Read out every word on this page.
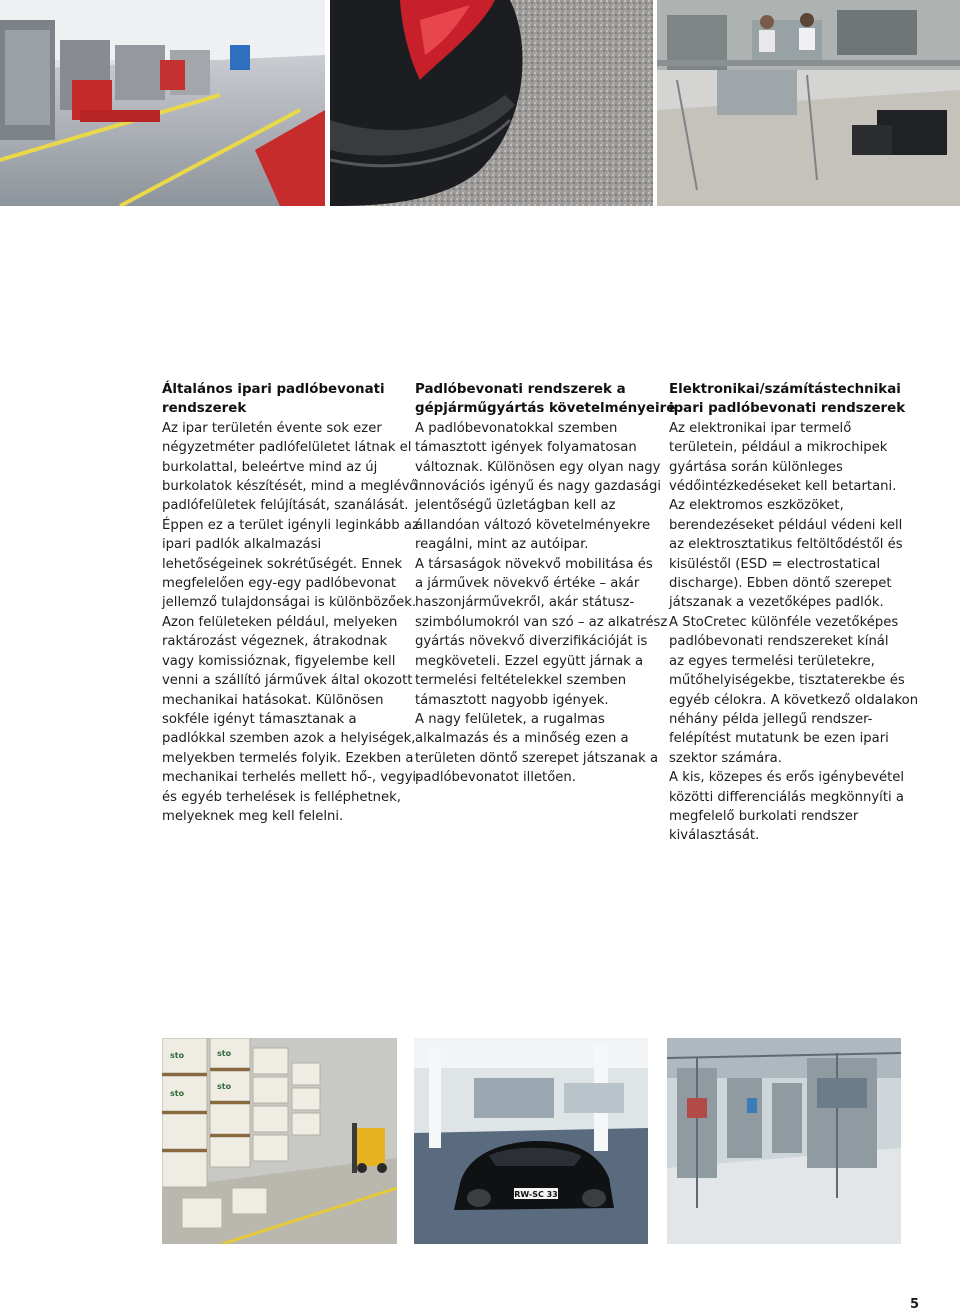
Általános ipari padlóbevonati
rendszerek

Az ipar területén évente sok ezer
négyzetméter padlófelületet látnak el
burkolattal, beleértve mind az új
burkolatok készítését, mind a meglévő
padlófelületek felújítását, szanálását.
Éppen ez a terület igényli leginkább az
ipari padlók alkalmazási
lehetőségeinek sokrétűségét. Ennek
megfelelően egy-egy padlóbevonat
jellemző tulajdonságai is különbözőek.
Azon felületeken például, melyeken
raktározást végeznek, átrakodnak
vagy komissióznak, figyelembe kell
venni a szállító járművek által okozott
mechanikai hatásokat. Különösen
sokféle igényt támasztanak a
padlókkal szemben azok a helyiségek,
melyekben termelés folyik. Ezekben a
mechanikai terhelés mellett hő-, vegyi-
és egyéb terhelések is felléphetnek,
melyeknek meg kell felelni.

Padlóbevonati rendszerek a
gépjárműgyártás követelményeire

A padlóbevonatokkal szemben
támasztott igények folyamatosan
változnak. Különösen egy olyan nagy
innovációs igényű és nagy gazdasági
jelentőségű üzletágban kell az
állandóan változó követelményekre
reagálni, mint az autóipar.
A társaságok növekvő mobilitása és
a járművek növekvő értéke – akár
haszonjárművekről, akár státusz-
szimbólumokról van szó – az alkatrész
gyártás növekvő diverzifikációját is
megköveteli. Ezzel együtt járnak a
termelési feltételekkel szemben
támasztott nagyobb igények.
A nagy felületek, a rugalmas
alkalmazás és a minőség ezen a
területen döntő szerepet játszanak a
padlóbevonatot illetően.

Elektronikai/számítástechnikai
ipari padlóbevonati rendszerek

Az elektronikai ipar termelő
területein, például a mikrochipek
gyártása során különleges
védőintézkedéseket kell betartani.
Az elektromos eszközöket,
berendezéseket például védeni kell
az elektrosztatikus feltöltődéstől és
kisüléstől (ESD = electrostatical
discharge). Ebben döntő szerepet
játszanak a vezetőképes padlók.
A StoCretec különféle vezetőképes
padlóbevonati rendszereket kínál
az egyes termelési területekre,
műtőhelyiségekbe, tisztaterekbe és
egyéb célokra. A következő oldalakon
néhány példa jellegű rendszer-
felépítést mutatunk be ezen ipari
szektor számára.
A kis, közepes és erős igénybevétel
közötti differenciálás megkönnyíti a
megfelelő burkolati rendszer
kiválasztását.

sto
sto
sto
sto
RW-SC 33
5
